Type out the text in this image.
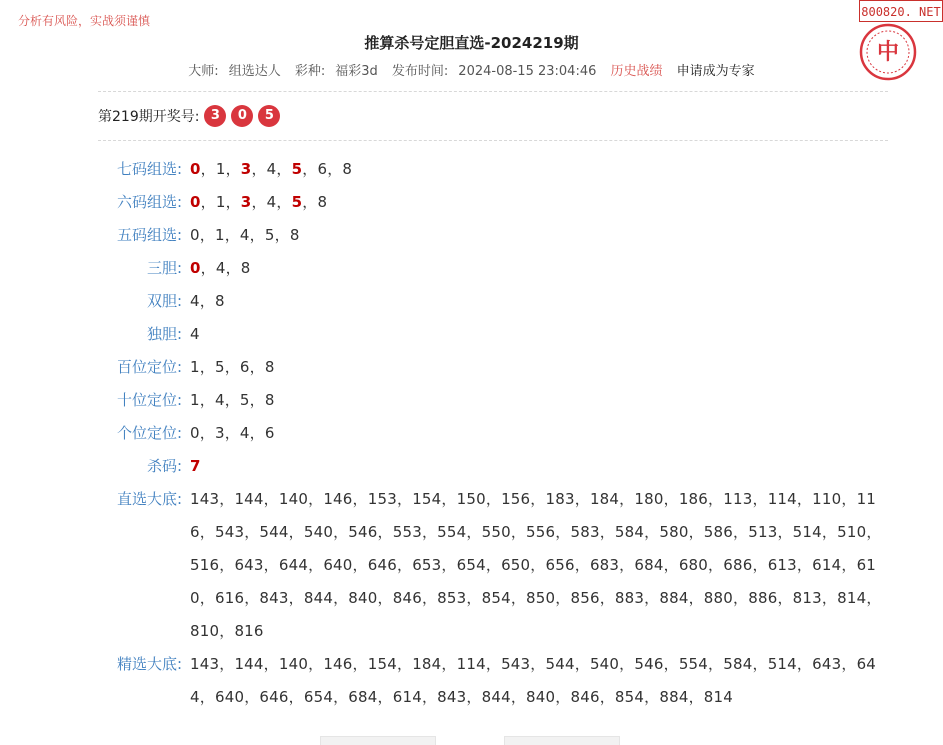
分析有风险，实战须谨慎
800820. NET
中
推算杀号定胆直选-2024219期
大师: 组选达人 彩种: 福彩3d 发布时间: 2024-08-15 23:04:46 历史战绩 申请成为专家
第219期开奖号: 3	0	5
七码组选: 0，1，3，4，5，6，8
六码组选: 0，1，3，4，5，8
五码组选: 0，1，4，5，8
三胆: 0，4，8
双胆: 4，8
独胆: 4
百位定位: 1，5，6，8
十位定位: 1，4，5，8
个位定位: 0，3，4，6
杀码: 7
直选大底: 143，144，140，146，153，154，150，156，183，184，180，186，113，114，110，116，543，544，540，546，553，554，550，556，583，584，580，586，513，514，510，516，643，644，640，646，653，654，650，656，683，684，680，686，613，614，610，616，843，844，840，846，853，854，850，856，883，884，880，886，813，814，810，816
精选大底: 143，144，140，146，154，184，114，543，544，540，546，554，584，514，643，644，640，646，654，684，614，843，844，840，846，854，884，814
